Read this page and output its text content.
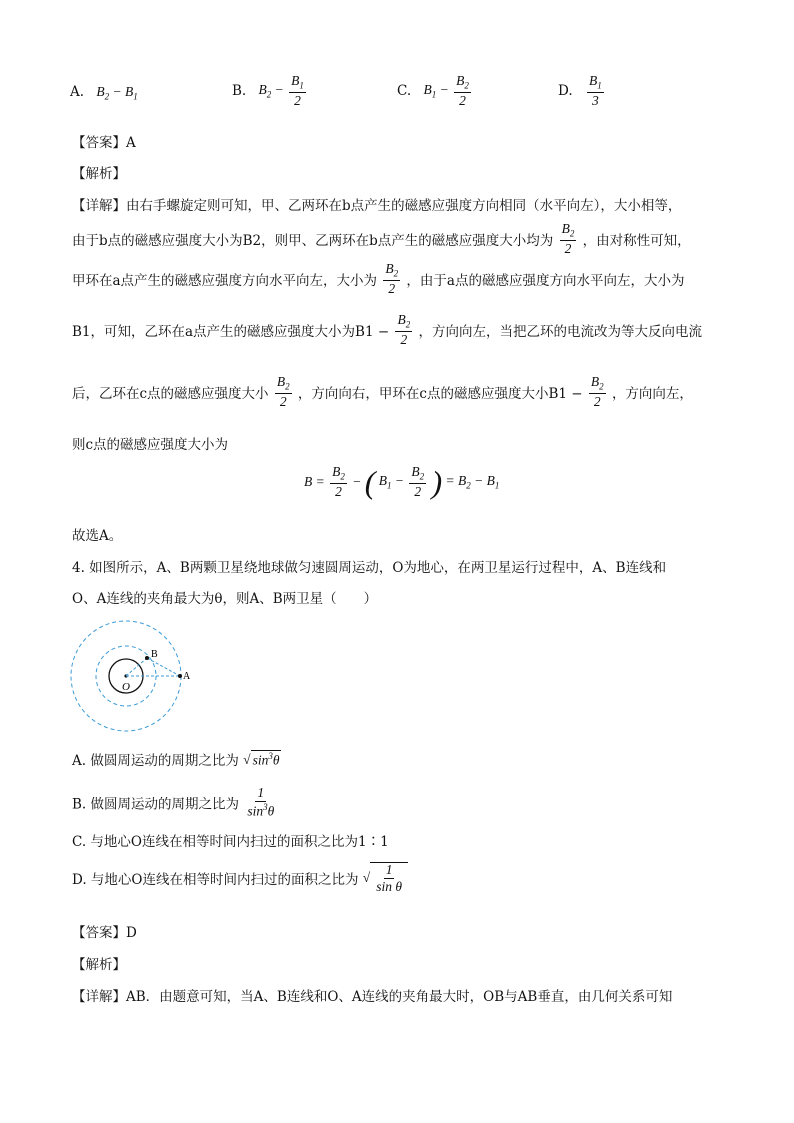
A. $B_2 - B_1$	B. $B_2 - \frac{B_1}{2}$	C. $B_1 - \frac{B_2}{2}$	D. $\frac{B_1}{3}$
【答案】A
【解析】
【详解】由右手螺旋定则可知，甲、乙两环在b点产生的磁感应强度方向相同（水平向左），大小相等，
由于b点的磁感应强度大小为B2，则甲、乙两环在b点产生的磁感应强度大小均为 $\frac{B_2}{2}$ ，由对称性可知，
甲环在a点产生的磁感应强度方向水平向左，大小为 $\frac{B_2}{2}$ ，由于a点的磁感应强度方向水平向左，大小为
B1，可知，乙环在a点产生的磁感应强度大小为$B1 - \frac{B_2}{2}$ ，方向向左，当把乙环的电流改为等大反向电流
后，乙环在c点的磁感应强度大小 $\frac{B_2}{2}$ ，方向向右，甲环在c点的磁感应强度大小$B1 - \frac{B_2}{2}$ ，方向向左，
则c点的磁感应强度大小为
$B = \frac{B_2}{2}$ − ( $B_1 - \frac{B_2}{2}$ ) = $B_2 - B_1$
故选A。
4. 如图所示，A、B两颗卫星绕地球做匀速圆周运动，O为地心，在两卫星运行过程中，A、B连线和
O、A连线的夹角最大为θ，则A、B两卫星（　　）
O
B
A
A. 做圆周运动的周期之比为 √ $\sin^3\theta$
B. 做圆周运动的周期之比为 $\frac{1}{\sin^3\theta}$
C. 与地心O连线在相等时间内扫过的面积之比为1∶1
D. 与地心O连线在相等时间内扫过的面积之比为 √ $\frac{1}{\text{sin θ}}$
【答案】D
【解析】
【详解】AB．由题意可知，当A、B连线和O、A连线的夹角最大时，OB与AB垂直，由几何关系可知
